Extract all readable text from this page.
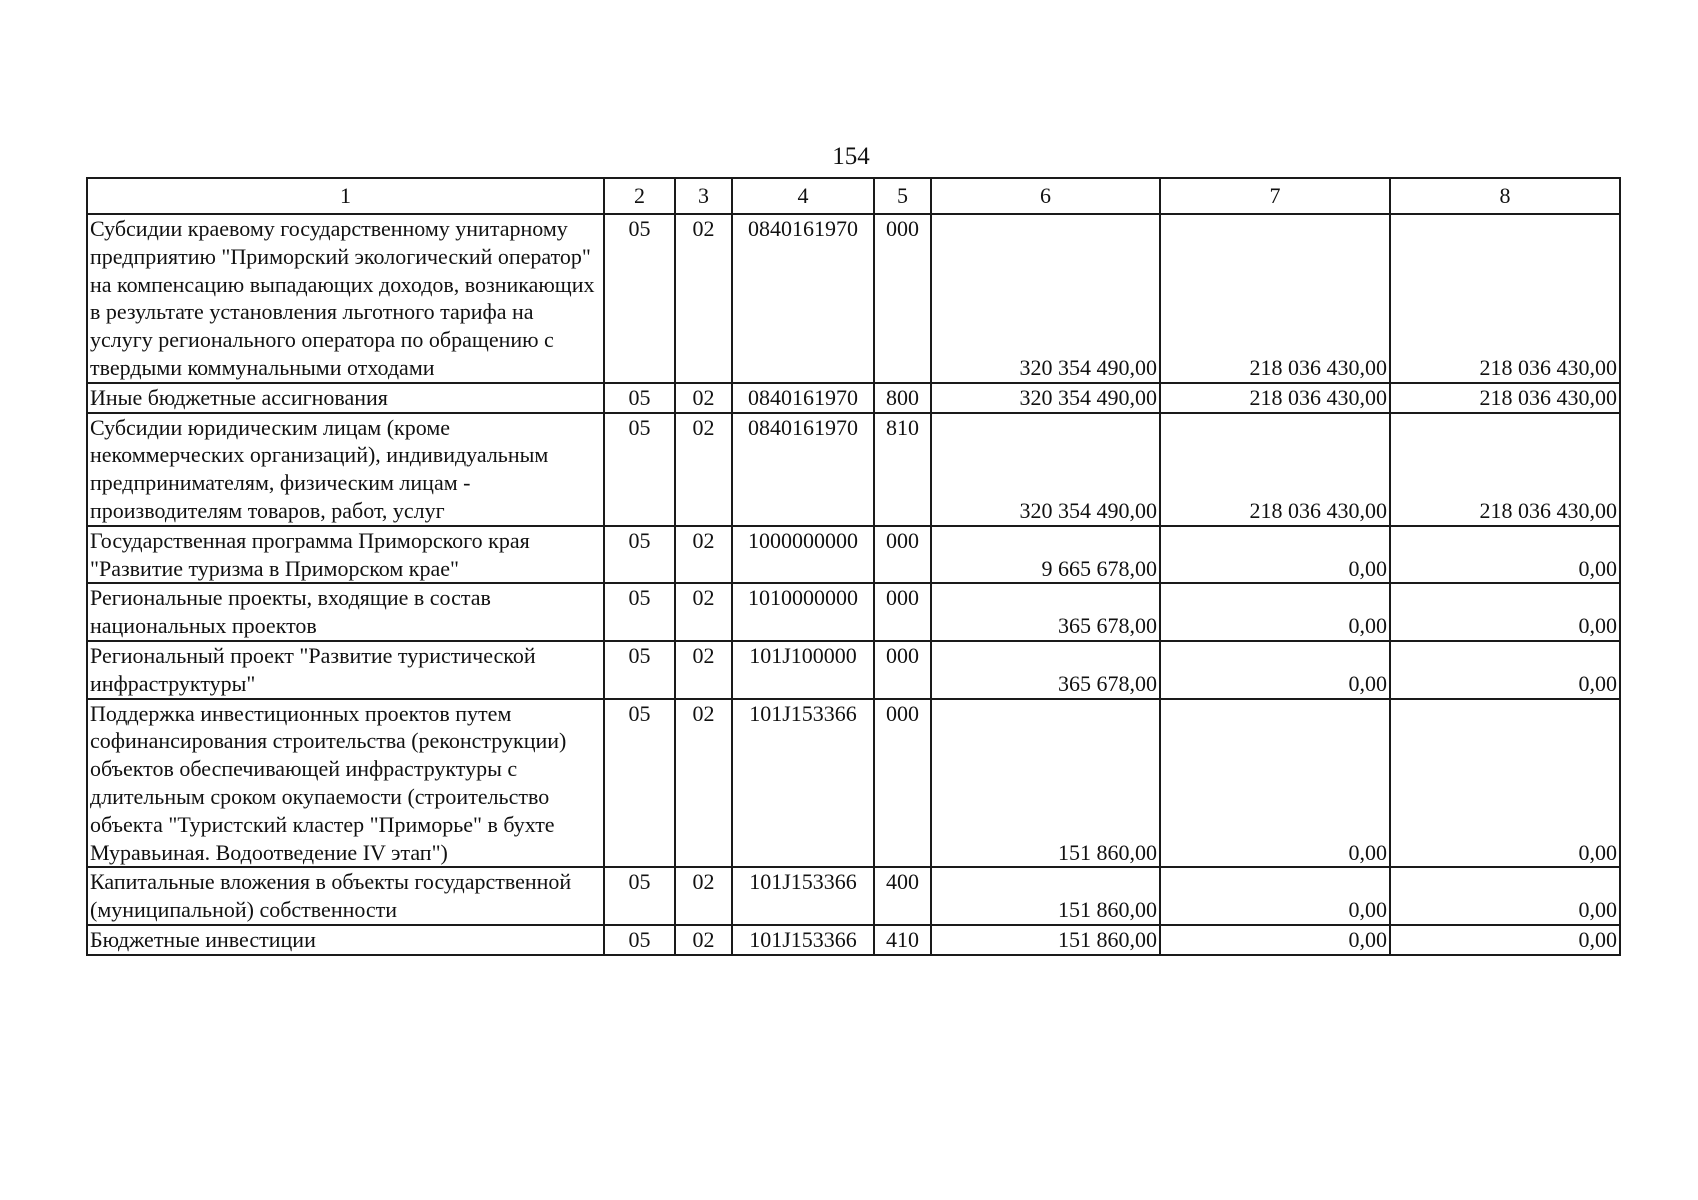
154
1	2	3	4	5	6	7	8
Субсидии краевому государственному унитарному предприятию "Приморский экологический оператор" на компенсацию выпадающих доходов, возникающих в результате установления льготного тарифа на услугу регионального оператора по обращению с твердыми коммунальными отходами	05	02	0840161970	000	320 354 490,00	218 036 430,00	218 036 430,00
Иные бюджетные ассигнования	05	02	0840161970	800	320 354 490,00	218 036 430,00	218 036 430,00
Субсидии юридическим лицам (кроме некоммерческих организаций), индивидуальным предпринимателям, физическим лицам - производителям товаров, работ, услуг	05	02	0840161970	810	320 354 490,00	218 036 430,00	218 036 430,00
Государственная программа Приморского края "Развитие туризма в Приморском крае"	05	02	1000000000	000	9 665 678,00	0,00	0,00
Региональные проекты, входящие в состав национальных проектов	05	02	1010000000	000	365 678,00	0,00	0,00
Региональный проект "Развитие туристической инфраструктуры"	05	02	101J100000	000	365 678,00	0,00	0,00
Поддержка инвестиционных проектов путем софинансирования строительства (реконструкции) объектов обеспечивающей инфраструктуры с длительным сроком окупаемости (строительство объекта "Туристский кластер "Приморье" в бухте Муравьиная. Водоотведение IV этап")	05	02	101J153366	000	151 860,00	0,00	0,00
Капитальные вложения в объекты государственной (муниципальной) собственности	05	02	101J153366	400	151 860,00	0,00	0,00
Бюджетные инвестиции	05	02	101J153366	410	151 860,00	0,00	0,00
